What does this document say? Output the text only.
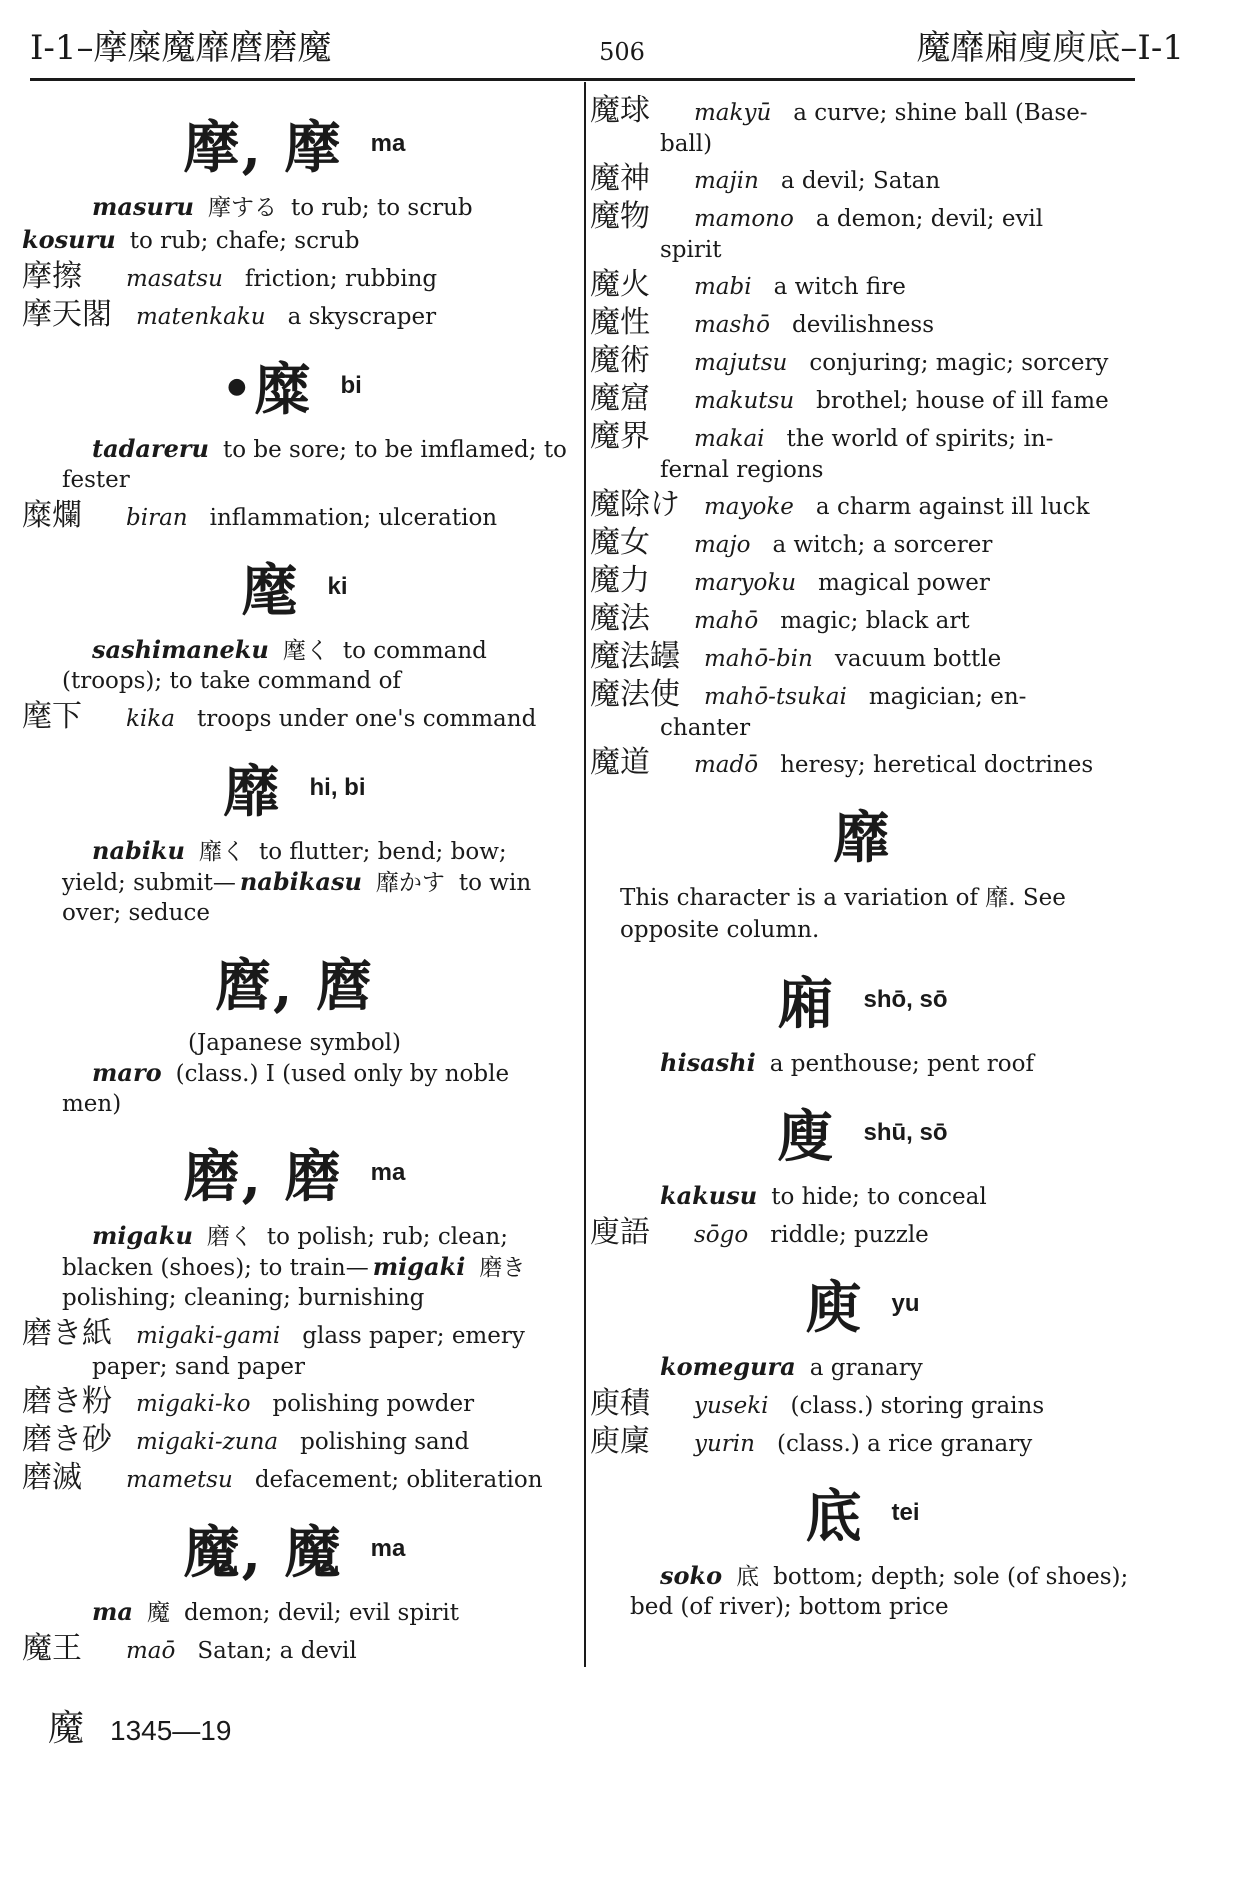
I-1–摩糜魔靡麿磨魔	506	魔靡廂廋庾底–I-1
摩, 摩 ma
masuru 摩する to rub; to scrub
kosuru to rub; chafe; scrub
摩擦	masatsu friction; rubbing
摩天閣 matenkaku a skyscraper
● 糜 bi
tadareru to be sore; to be imflamed; to fester
糜爛	biran inflammation; ulceration
麾 ki
sashimaneku 麾く to command (troops); to take command of
麾下	kika troops under one's command
靡 hi, bi
nabiku 靡く to flutter; bend; bow; yield; submit— nabikasu 靡かす to win over; seduce
麿, 麿
(Japanese symbol)
maro (class.) I (used only by noble men)
磨, 磨 ma
migaku 磨く to polish; rub; clean; blacken (shoes); to train— migaki 磨きpolishing; cleaning; burnishing
磨き紙 migaki-gami glass paper; emery
paper; sand paper
磨き粉 migaki-ko polishing powder
磨き砂 migaki-zuna polishing sand
磨滅	mametsu defacement; obliteration
魔, 魔 ma
ma 魔 demon; devil; evil spirit
魔王	maō Satan; a devil
魔球	makyū a curve; shine ball (Base-
ball)
魔神	majin a devil; Satan
魔物	mamono a demon; devil; evil
spirit
魔火	mabi a witch fire
魔性	mashō devilishness
魔術	majutsu conjuring; magic; sorcery
魔窟	makutsu brothel; house of ill fame
魔界	makai the world of spirits; in-
fernal regions
魔除け mayoke a charm against ill luck
魔女	majo a witch; a sorcerer
魔力	maryoku magical power
魔法	mahō magic; black art
魔法罎 mahō-bin vacuum bottle
魔法使 mahō-tsukai magician; en-
chanter
魔道	madō heresy; heretical doctrines
靡
This character is a variation of 靡. See opposite column.
廂 shō, sō
hisashi a penthouse; pent roof
廋 shū, sō
kakusu to hide; to conceal
廋語	sōgo riddle; puzzle
庾 yu
komegura a granary
庾積	yuseki (class.) storing grains
庾廩	yurin (class.) a rice granary
底 tei
soko 底 bottom; depth; sole (of shoes); bed (of river); bottom price
魔 1345—19
